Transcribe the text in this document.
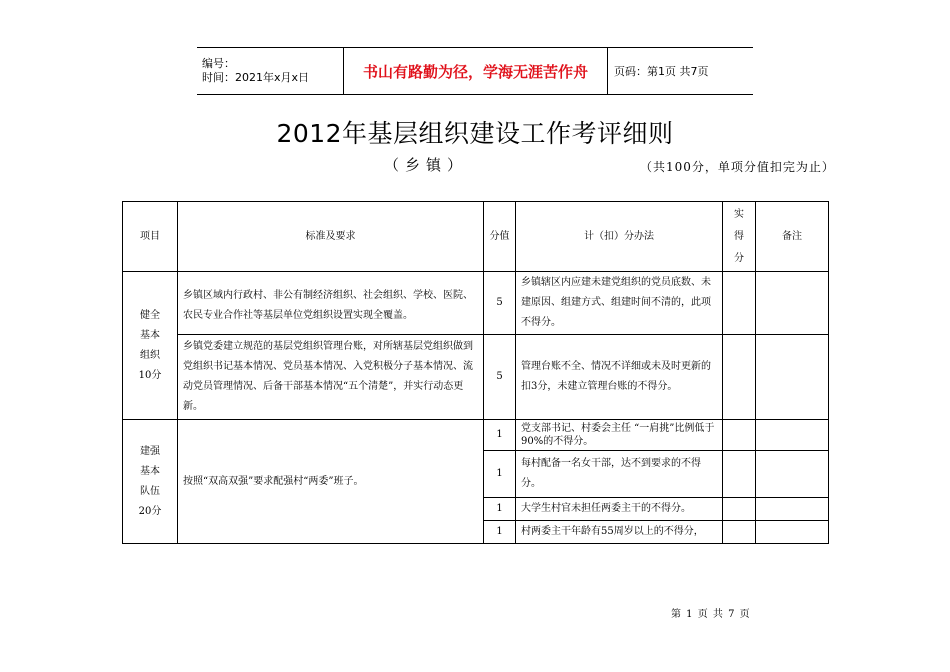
编号：
时间：2021年x月x日	书山有路勤为径，学海无涯苦作舟	页码：第1页 共7页
2012年基层组织建设工作考评细则
（乡镇）	（共100分，单项分值扣完为止）
项目	标准及要求	分值	计（扣）分办法	实
得
分	备注

健全
基本
组织
10分	乡镇区域内行政村、非公有制经济组织、社会组织、学校、医院、农民专业合作社等基层单位党组织设置实现全覆盖。	5	乡镇辖区内应建未建党组织的党员底数、未建原因、组建方式、组建时间不清的，此项不得分。		
	乡镇党委建立规范的基层党组织管理台账，对所辖基层党组织做到党组织书记基本情况、党员基本情况、入党积极分子基本情况、流动党员管理情况、后备干部基本情况“五个清楚”，并实行动态更新。	5	管理台账不全、情况不详细或未及时更新的扣3分，未建立管理台账的不得分。		

建强
基本
队伍
20分	按照“双高双强”要求配强村“两委”班子。	1	党支部书记、村委会主任 “一肩挑”比例低于90%的不得分。		
		1	每村配备一名女干部，达不到要求的不得分。		
		1	大学生村官未担任两委主干的不得分。		
		1	村两委主干年龄有55周岁以上的不得分，		
第 1 页 共 7 页
